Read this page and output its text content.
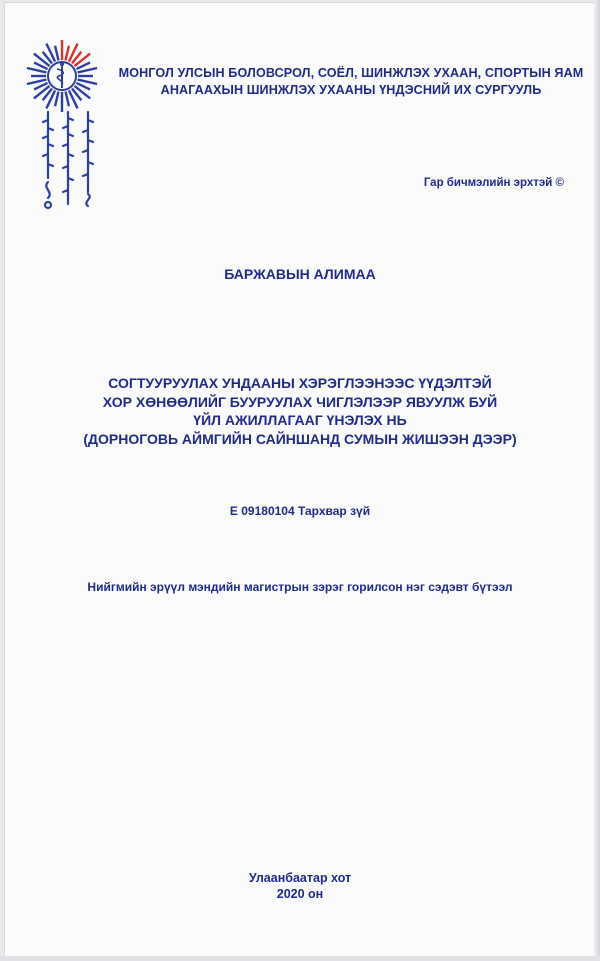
МОНГОЛ УЛСЫН БОЛОВСРОЛ, СОЁЛ, ШИНЖЛЭХ УХААН, СПОРТЫН ЯАМ
АНАГААХЫН ШИНЖЛЭХ УХААНЫ ҮНДЭСНИЙ ИХ СУРГУУЛЬ
Гар бичмэлийн эрхтэй ©
БАРЖАВЫН АЛИМАА
СОГТУУРУУЛАХ УНДААНЫ ХЭРЭГЛЭЭНЭЭС ҮҮДЭЛТЭЙ
ХОР ХӨНӨӨЛИЙГ БУУРУУЛАХ ЧИГЛЭЛЭЭР ЯВУУЛЖ БУЙ
ҮЙЛ АЖИЛЛАГААГ ҮНЭЛЭХ НЬ
(ДОРНОГОВЬ АЙМГИЙН САЙНШАНД СУМЫН ЖИШЭЭН ДЭЭР)
Е 09180104 Тархвар зүй
Нийгмийн эрүүл мэндийн магистрын зэрэг горилсон нэг сэдэвт бүтээл
Улаанбаатар хот
2020 он
